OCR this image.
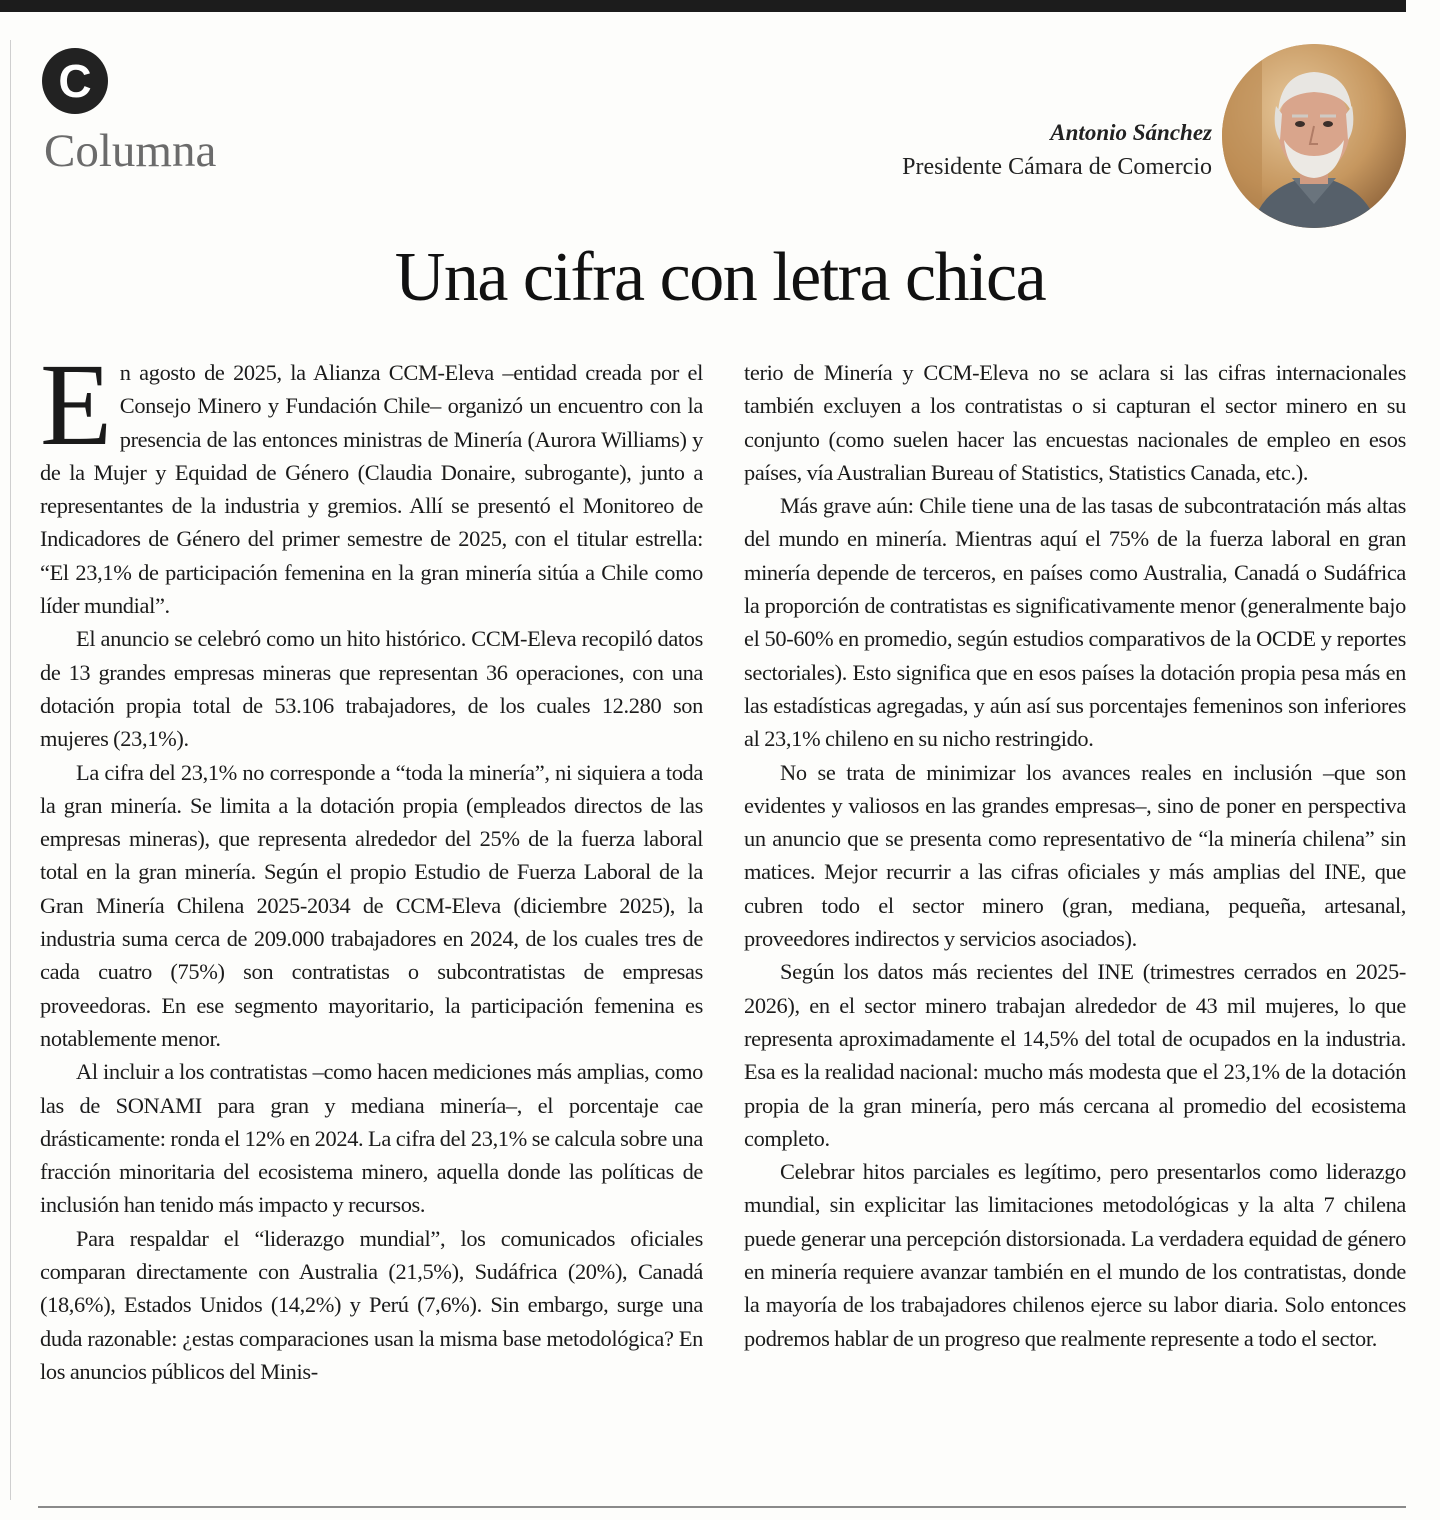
C
Columna	Antonio Sánchez
Presidente Cámara de Comercio
Una cifra con letra chica

En agosto de 2025, la Alianza CCM-Eleva –entidad creada por el Consejo Minero y Fundación Chile– organizó un encuentro con la presencia de las entonces ministras de Minería (Aurora Williams) y de la Mujer y Equidad de Género (Claudia Donaire, subrogante), junto a representantes de la industria y gremios. Allí se presentó el Monitoreo de Indicadores de Género del primer semestre de 2025, con el titular estrella: “El 23,1% de participación femenina en la gran minería sitúa a Chile como líder mundial”.

El anuncio se celebró como un hito histórico. CCM-Eleva recopiló datos de 13 grandes empresas mineras que representan 36 operaciones, con una dotación propia total de 53.106 trabajadores, de los cuales 12.280 son mujeres (23,1%).

La cifra del 23,1% no corresponde a “toda la minería”, ni siquiera a toda la gran minería. Se limita a la dotación propia (empleados directos de las empresas mineras), que representa alrededor del 25% de la fuerza laboral total en la gran minería. Según el propio Estudio de Fuerza Laboral de la Gran Minería Chilena 2025-2034 de CCM-Eleva (diciembre 2025), la industria suma cerca de 209.000 trabajadores en 2024, de los cuales tres de cada cuatro (75%) son contratistas o subcontratistas de empresas proveedoras. En ese segmento mayoritario, la participación femenina es notablemente menor.

Al incluir a los contratistas –como hacen mediciones más amplias, como las de SONAMI para gran y mediana minería–, el porcentaje cae drásticamente: ronda el 12% en 2024. La cifra del 23,1% se calcula sobre una fracción minoritaria del ecosistema minero, aquella donde las políticas de inclusión han tenido más impacto y recursos.

Para respaldar el “liderazgo mundial”, los comunicados oficiales comparan directamente con Australia (21,5%), Sudáfrica (20%), Canadá (18,6%), Estados Unidos (14,2%) y Perú (7,6%). Sin embargo, surge una duda razonable: ¿estas comparaciones usan la misma base metodológica? En los anuncios públicos del Minis-

terio de Minería y CCM-Eleva no se aclara si las cifras internacionales también excluyen a los contratistas o si capturan el sector minero en su conjunto (como suelen hacer las encuestas nacionales de empleo en esos países, vía Australian Bureau of Statistics, Statistics Canada, etc.).

Más grave aún: Chile tiene una de las tasas de subcontratación más altas del mundo en minería. Mientras aquí el 75% de la fuerza laboral en gran minería depende de terceros, en países como Australia, Canadá o Sudáfrica la proporción de contratistas es significativamente menor (generalmente bajo el 50-60% en promedio, según estudios comparativos de la OCDE y reportes sectoriales). Esto significa que en esos países la dotación propia pesa más en las estadísticas agregadas, y aún así sus porcentajes femeninos son inferiores al 23,1% chileno en su nicho restringido.

No se trata de minimizar los avances reales en inclusión –que son evidentes y valiosos en las grandes empresas–, sino de poner en perspectiva un anuncio que se presenta como representativo de “la minería chilena” sin matices. Mejor recurrir a las cifras oficiales y más amplias del INE, que cubren todo el sector minero (gran, mediana, pequeña, artesanal, proveedores indirectos y servicios asociados).

Según los datos más recientes del INE (trimestres cerrados en 2025-2026), en el sector minero trabajan alrededor de 43 mil mujeres, lo que representa aproximadamente el 14,5% del total de ocupados en la industria. Esa es la realidad nacional: mucho más modesta que el 23,1% de la dotación propia de la gran minería, pero más cercana al promedio del ecosistema completo.

Celebrar hitos parciales es legítimo, pero presentarlos como liderazgo mundial, sin explicitar las limitaciones metodológicas y la alta 7 chilena puede generar una percepción distorsionada. La verdadera equidad de género en minería requiere avanzar también en el mundo de los contratistas, donde la mayoría de los trabajadores chilenos ejerce su labor diaria. Solo entonces podremos hablar de un progreso que realmente represente a todo el sector.
